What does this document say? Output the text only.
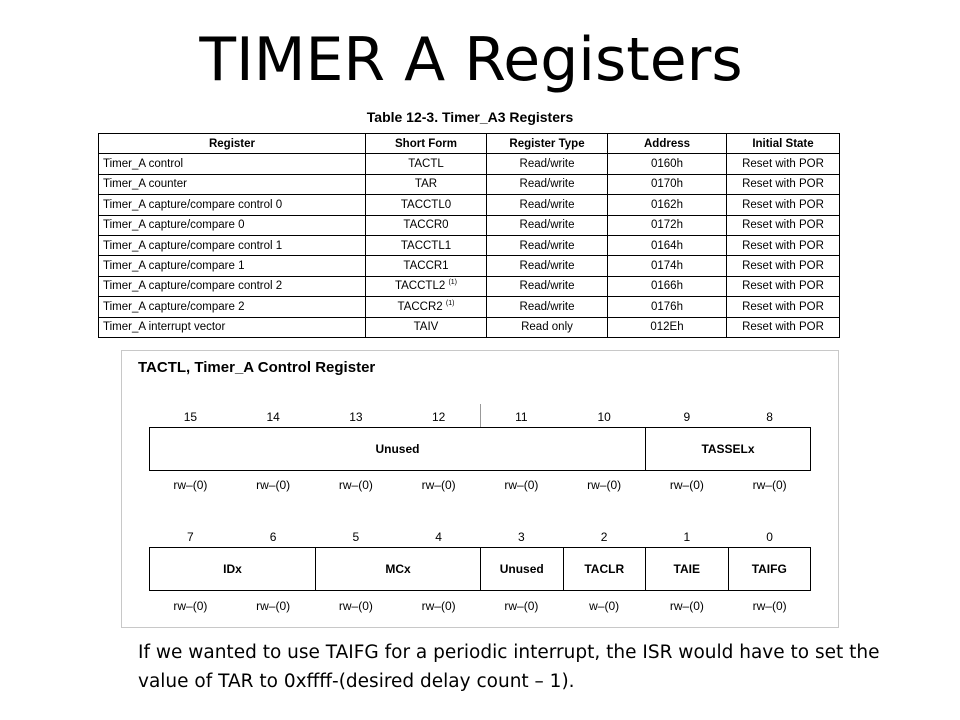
TIMER A Registers
Table 12-3. Timer_A3 Registers
Register	Short Form	Register Type	Address	Initial State
Timer_A control	TACTL	Read/write	0160h	Reset with POR
Timer_A counter	TAR	Read/write	0170h	Reset with POR
Timer_A capture/compare control 0	TACCTL0	Read/write	0162h	Reset with POR
Timer_A capture/compare 0	TACCR0	Read/write	0172h	Reset with POR
Timer_A capture/compare control 1	TACCTL1	Read/write	0164h	Reset with POR
Timer_A capture/compare 1	TACCR1	Read/write	0174h	Reset with POR
Timer_A capture/compare control 2	TACCTL2 $^{(1)}$	Read/write	0166h	Reset with POR
Timer_A capture/compare 2	TACCR2 $^{(1)}$	Read/write	0176h	Reset with POR
Timer_A interrupt vector	TAIV	Read only	012Eh	Reset with POR
TACTL, Timer_A Control Register
15	14	13	12	11	10	9	8
Unused	TASSELx
rw–(0)	rw–(0)	rw–(0)	rw–(0)	rw–(0)	rw–(0)	rw–(0)	rw–(0)
7	6	5	4	3	2	1	0
IDx	MCx	Unused	TACLR	TAIE	TAIFG
rw–(0)	rw–(0)	rw–(0)	rw–(0)	rw–(0)	w–(0)	rw–(0)	rw–(0)
If we wanted to use TAIFG for a periodic interrupt, the ISR would have to set the value of TAR to 0xffff-(desired delay count – 1).
